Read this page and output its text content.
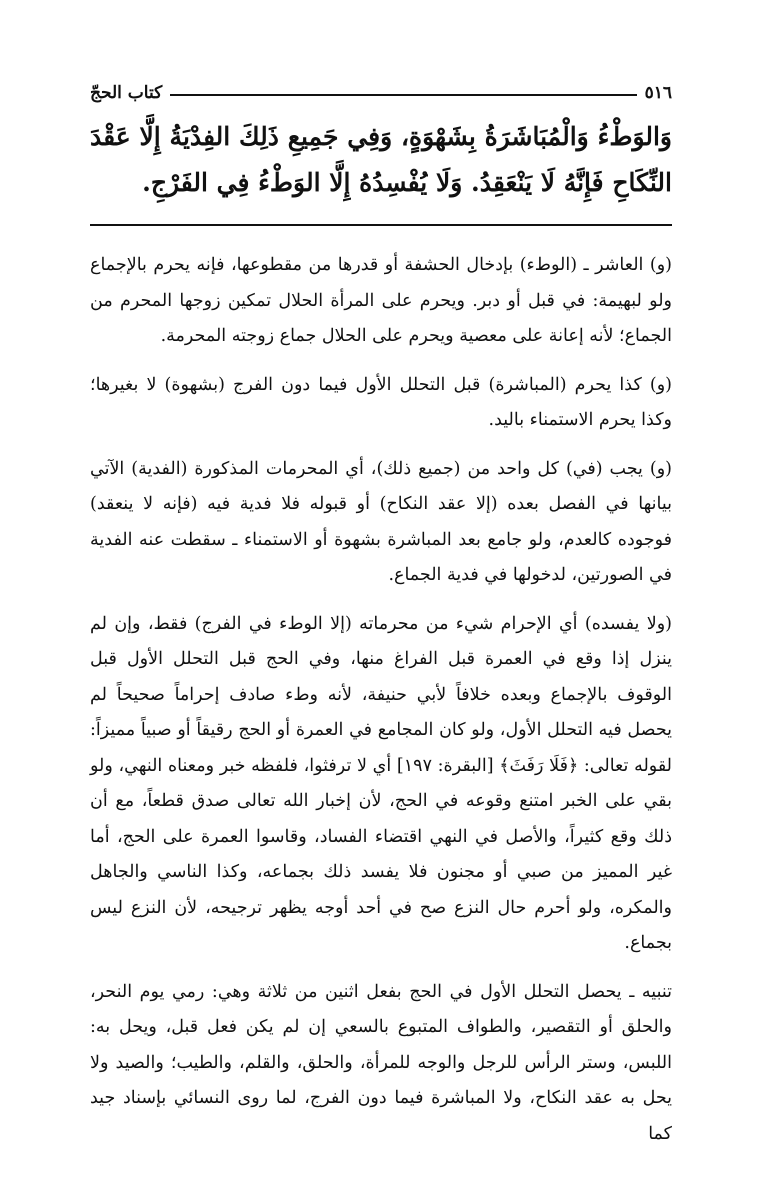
٥١٦
كتاب الحجّ

وَالوَطْءُ وَالْمُبَاشَرَةُ بِشَهْوَةٍ، وَفِي جَمِيعِ ذَلِكَ الفِدْيَةُ إِلَّا عَقْدَ النِّكَاحِ فَإِنَّهُ لَا يَنْعَقِدُ. وَلَا يُفْسِدُهُ إِلَّا الوَطْءُ فِي الفَرْجِ.

(و) العاشر ـ (الوطء) بإدخال الحشفة أو قدرها من مقطوعها، فإنه يحرم بالإجماع ولو لبهيمة: في قبل أو دبر. ويحرم على المرأة الحلال تمكين زوجها المحرم من الجماع؛ لأنه إعانة على معصية ويحرم على الحلال جماع زوجته المحرمة.

(و) كذا يحرم (المباشرة) قبل التحلل الأول فيما دون الفرج (بشهوة) لا بغيرها؛ وكذا يحرم الاستمناء باليد.

(و) يجب (في) كل واحد من (جميع ذلك)، أي المحرمات المذكورة (الفدية) الآتي بيانها في الفصل بعده (إلا عقد النكاح) أو قبوله فلا فدية فيه (فإنه لا ينعقد) فوجوده كالعدم، ولو جامع بعد المباشرة بشهوة أو الاستمناء ـ سقطت عنه الفدية في الصورتين، لدخولها في فدية الجماع.

(ولا يفسده) أي الإحرام شيء من محرماته (إلا الوطء في الفرج) فقط، وإن لم ينزل إذا وقع في العمرة قبل الفراغ منها، وفي الحج قبل التحلل الأول قبل الوقوف بالإجماع وبعده خلافاً لأبي حنيفة، لأنه وطء صادف إحراماً صحيحاً لم يحصل فيه التحلل الأول، ولو كان المجامع في العمرة أو الحج رقيقاً أو صبياً مميزاً: لقوله تعالى: ﴿فَلَا رَفَثَ﴾ [البقرة: ١٩٧] أي لا ترفثوا، فلفظه خبر ومعناه النهي، ولو بقي على الخبر امتنع وقوعه في الحج، لأن إخبار الله تعالى صدق قطعاً، مع أن ذلك وقع كثيراً، والأصل في النهي اقتضاء الفساد، وقاسوا العمرة على الحج، أما غير المميز من صبي أو مجنون فلا يفسد ذلك بجماعه، وكذا الناسي والجاهل والمكره، ولو أحرم حال النزع صح في أحد أوجه يظهر ترجيحه، لأن النزع ليس بجماع.

تنبيه ـ يحصل التحلل الأول في الحج بفعل اثنين من ثلاثة وهي: رمي يوم النحر، والحلق أو التقصير، والطواف المتبوع بالسعي إن لم يكن فعل قبل، ويحل به: اللبس، وستر الرأس للرجل والوجه للمرأة، والحلق، والقلم، والطيب؛ والصيد ولا يحل به عقد النكاح، ولا المباشرة فيما دون الفرج، لما روى النسائي بإسناد جيد كما
